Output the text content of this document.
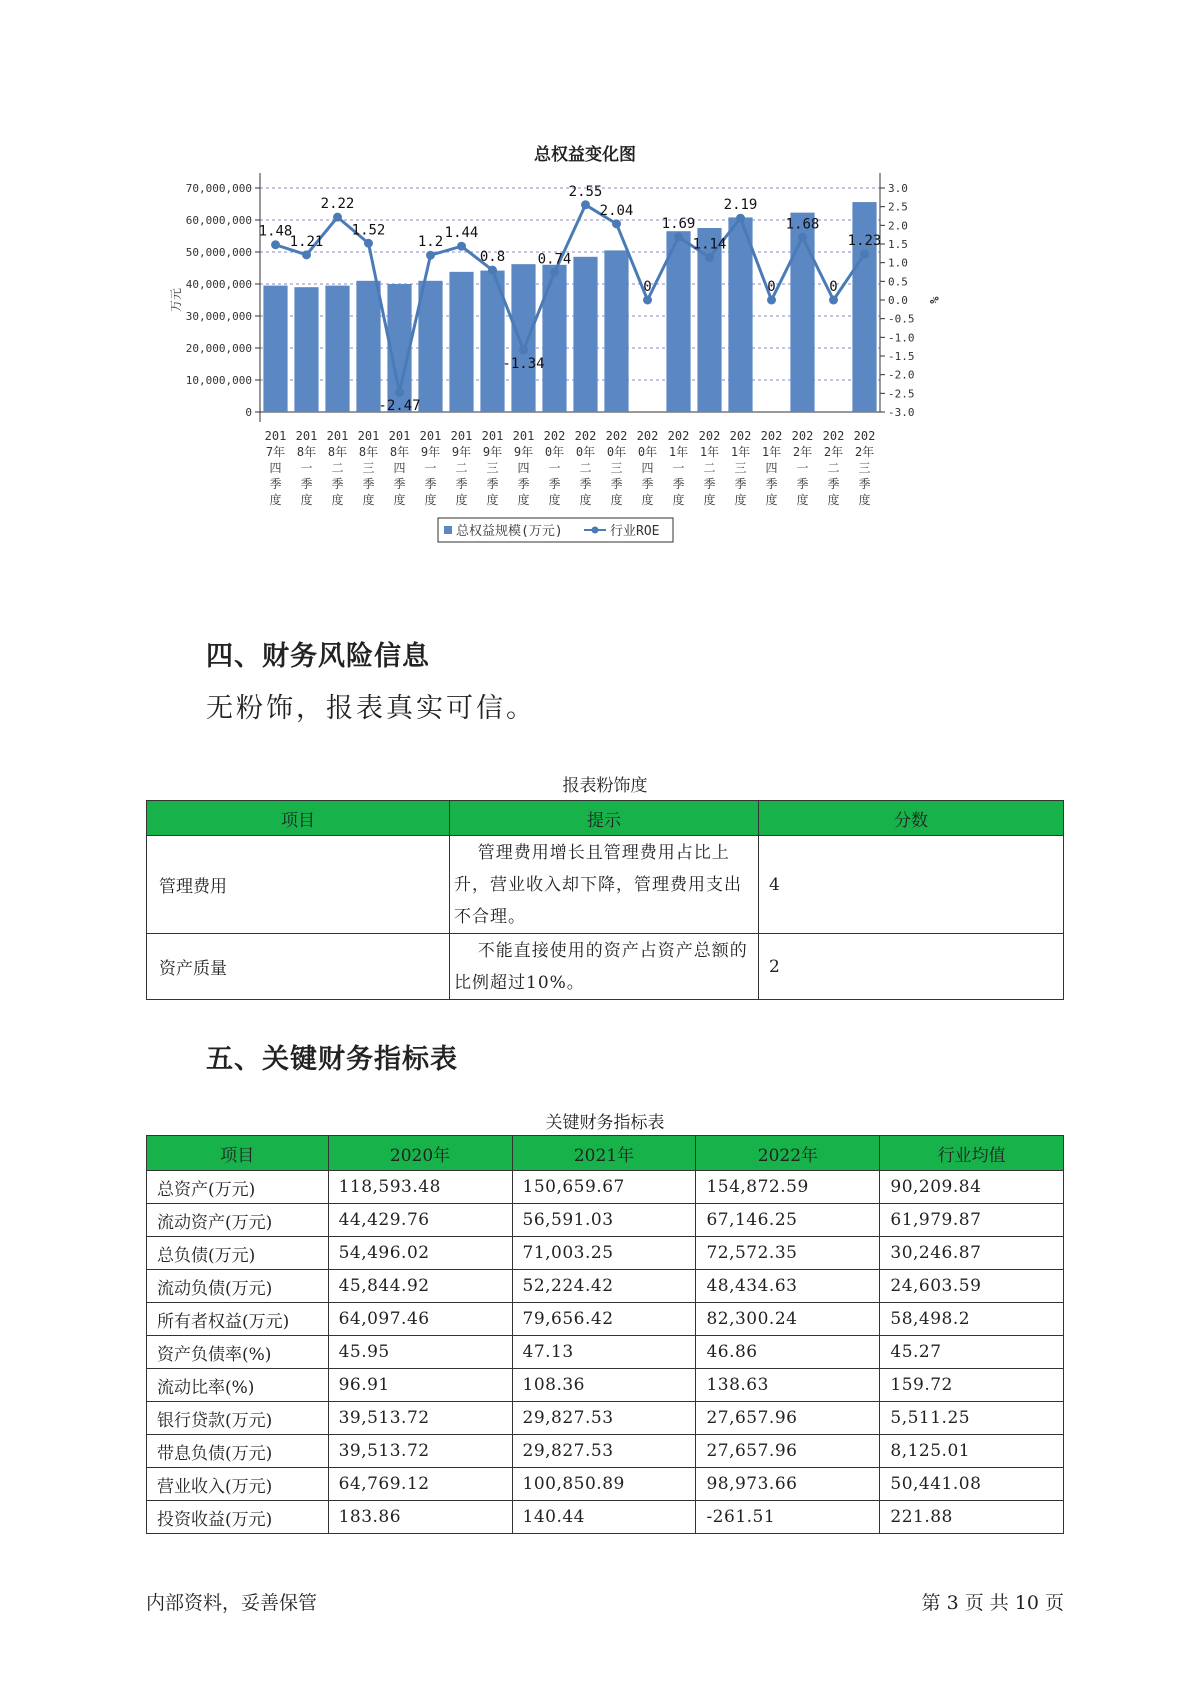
总权益变化图
0
10,000,000
20,000,000
30,000,000
40,000,000
50,000,000
60,000,000
70,000,000
-3.0
-2.5
-2.0
-1.5
-1.0
-0.5
0.0
0.5
1.0
1.5
2.0
2.5
3.0
万元	%
201
7年
四
季
度
201
8年
一
季
度
201
8年
二
季
度
201
8年
三
季
度
201
8年
四
季
度
201
9年
一
季
度
201
9年
二
季
度
201
9年
三
季
度
201
9年
四
季
度
202
0年
一
季
度
202
0年
二
季
度
202
0年
三
季
度
202
0年
四
季
度
202
1年
一
季
度
202
1年
二
季
度
202
1年
三
季
度
202
1年
四
季
度
202
2年
一
季
度
202
2年
二
季
度
202
2年
三
季
度
1.48
1.21
2.22
1.52
-2.47
1.2
1.44
0.8
-1.34
0.74
2.55
2.04
0
1.69
1.14
2.19
0
1.68
0
1.23
总权益规模(万元)	行业ROE
四、财务风险信息
无粉饰，报表真实可信。
报表粉饰度
项目	提示	分数
管理费用	管理费用增长且管理费用占比上升，营业收入却下降，管理费用支出不合理。	4
资产质量	不能直接使用的资产占资产总额的比例超过10%。	2
五、关键财务指标表
关键财务指标表
项目	2020年	2021年	2022年	行业均值
总资产(万元)	118,593.48	150,659.67	154,872.59	90,209.84
流动资产(万元)	44,429.76	56,591.03	67,146.25	61,979.87
总负债(万元)	54,496.02	71,003.25	72,572.35	30,246.87
流动负债(万元)	45,844.92	52,224.42	48,434.63	24,603.59
所有者权益(万元)	64,097.46	79,656.42	82,300.24	58,498.2
资产负债率(%)	45.95	47.13	46.86	45.27
流动比率(%)	96.91	108.36	138.63	159.72
银行贷款(万元)	39,513.72	29,827.53	27,657.96	5,511.25
带息负债(万元)	39,513.72	29,827.53	27,657.96	8,125.01
营业收入(万元)	64,769.12	100,850.89	98,973.66	50,441.08
投资收益(万元)	183.86	140.44	-261.51	221.88
内部资料，妥善保管	第 3 页 共 10 页
